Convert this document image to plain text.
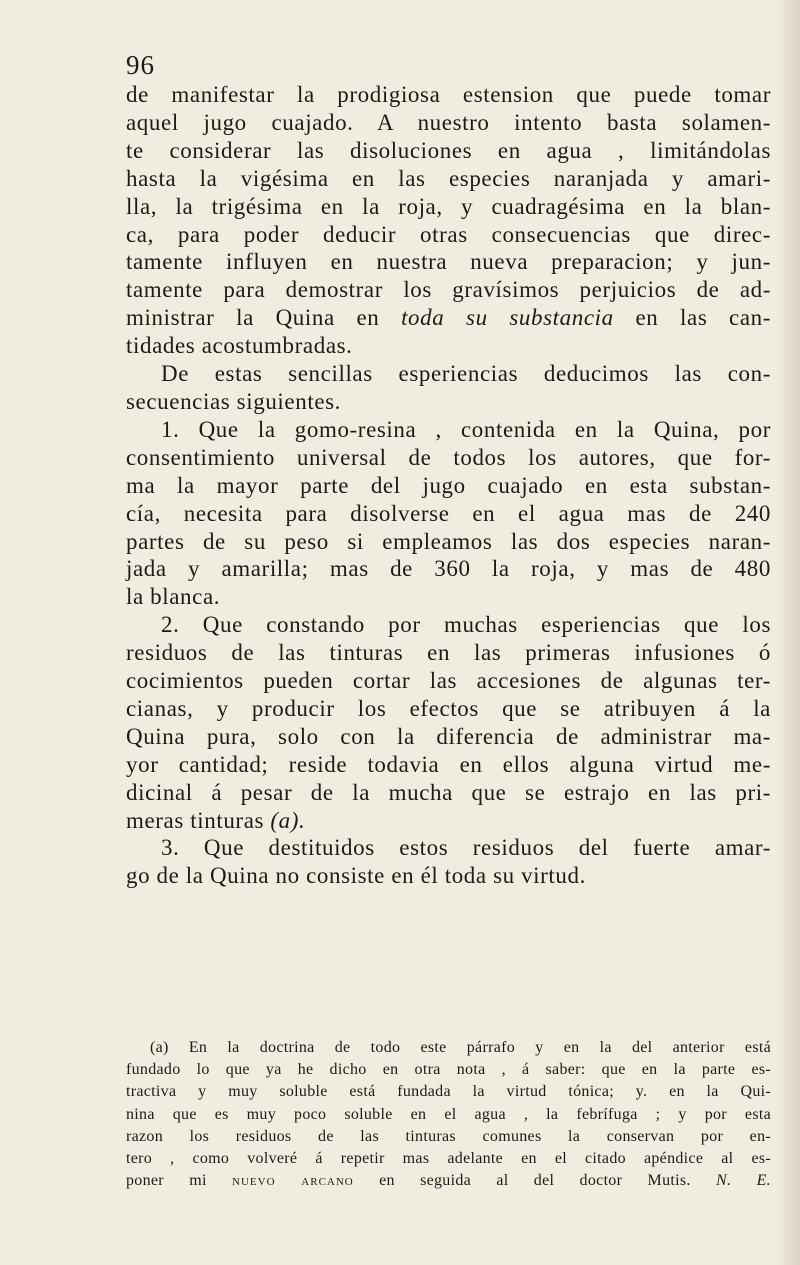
96
de manifestar la prodigiosa estension que puede tomar
aquel jugo cuajado. A nuestro intento basta solamen-
te considerar las disoluciones en agua , limitándolas
hasta la vigésima en las especies naranjada y amari-
lla, la trigésima en la roja, y cuadragésima en la blan-
ca, para poder deducir otras consecuencias que direc-
tamente influyen en nuestra nueva preparacion; y jun-
tamente para demostrar los gravísimos perjuicios de ad-
ministrar la Quina en toda su substancia en las can-
tidades acostumbradas.
De estas sencillas esperiencias deducimos las con-
secuencias siguientes.
1. Que la gomo-resina , contenida en la Quina, por
consentimiento universal de todos los autores, que for-
ma la mayor parte del jugo cuajado en esta substan-
cía, necesita para disolverse en el agua mas de 240
partes de su peso si empleamos las dos especies naran-
jada y amarilla; mas de 360 la roja, y mas de 480
la blanca.
2. Que constando por muchas esperiencias que los
residuos de las tinturas en las primeras infusiones ó
cocimientos pueden cortar las accesiones de algunas ter-
cianas, y producir los efectos que se atribuyen á la
Quina pura, solo con la diferencia de administrar ma-
yor cantidad; reside todavia en ellos alguna virtud me-
dicinal á pesar de la mucha que se estrajo en las pri-
meras tinturas (a).
3. Que destituidos estos residuos del fuerte amar-
go de la Quina no consiste en él toda su virtud.
(a) En la doctrina de todo este párrafo y en la del anterior está
fundado lo que ya he dicho en otra nota , á saber: que en la parte es-
tractiva y muy soluble está fundada la virtud tónica; y. en la Qui-
nina que es muy poco soluble en el agua , la febrífuga ; y por esta
razon los residuos de las tinturas comunes la conservan por en-
tero , como volveré á repetir mas adelante en el citado apéndice al es-
poner mi nuevo arcano en seguida al del doctor Mutis. N. E.
